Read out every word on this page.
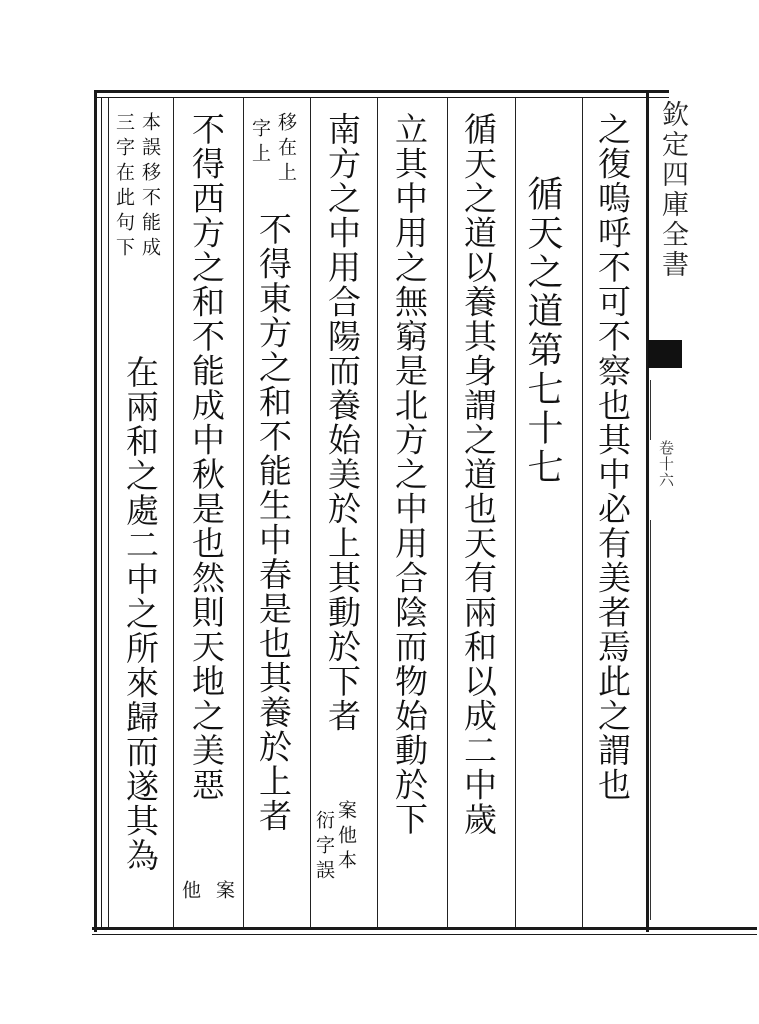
欽定四庫全書
卷十六
之復嗚呼不可不察也其中必有美者焉此之謂也
循天之道第七十七
循天之道以養其身謂之道也天有兩和以成二中歲
立其中用之無窮是北方之中用合陰而物始動於下
南方之中用合陽而養始美於上其動於下者
案他本
衍字誤
移在上
字上
不得東方之和不能生中春是也其養於上者
不得西方之和不能成中秋是也然則天地之美惡
案
他
在兩和之處二中之所來歸而遂其為
本誤移不能成
三字在此句下
